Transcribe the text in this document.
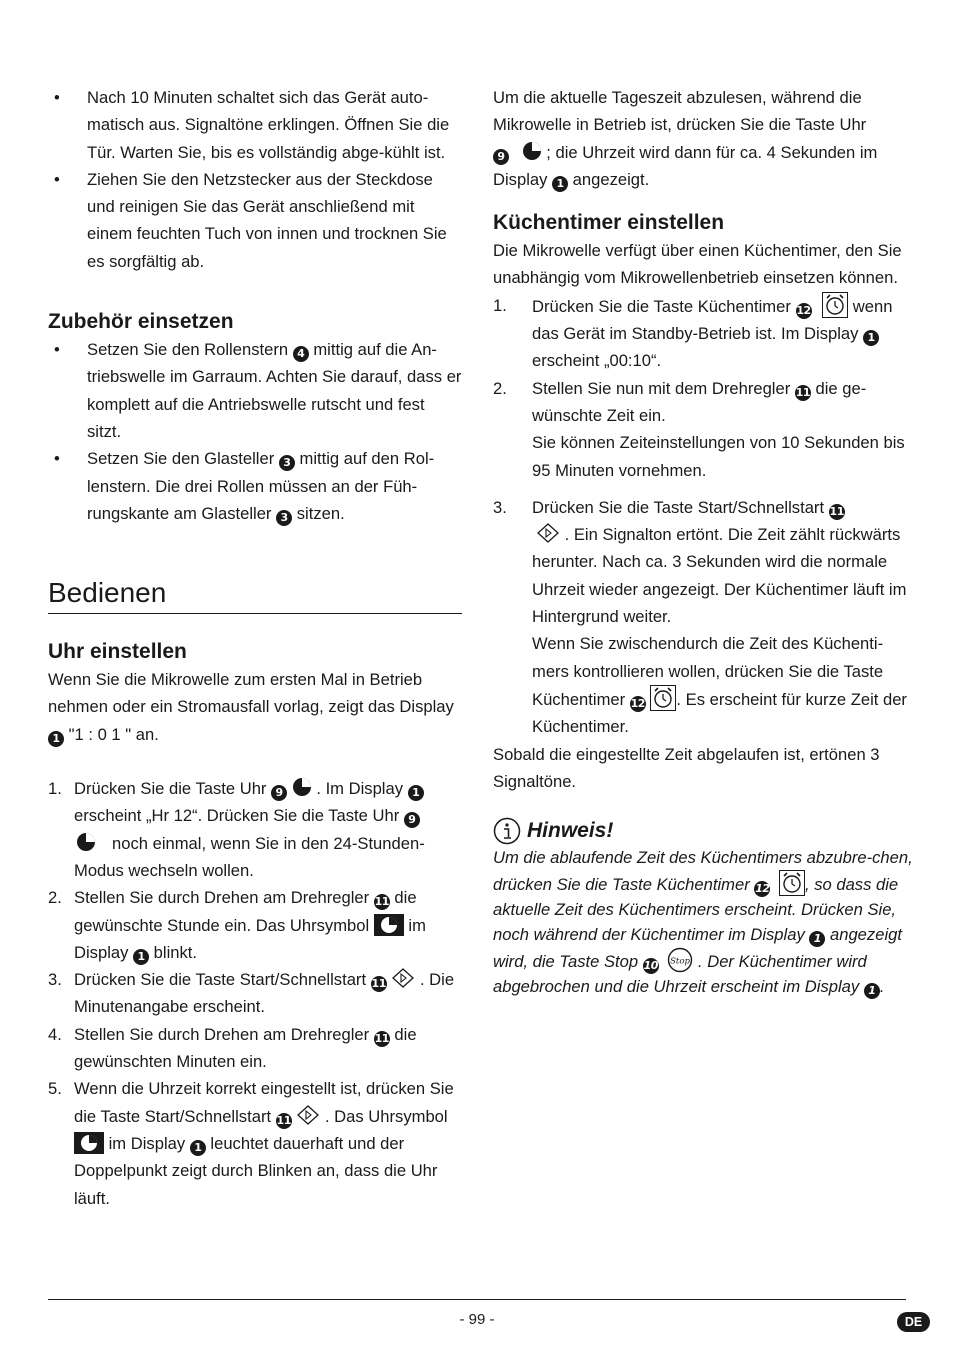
• Nach 10 Minuten schaltet sich das Gerät auto-matisch aus. Signaltöne erklingen. Öffnen Sie die Tür. Warten Sie, bis es vollständig abge-kühlt ist.
• Ziehen Sie den Netzstecker aus der Steckdose und reinigen Sie das Gerät anschließend mit einem feuchten Tuch von innen und trocknen Sie es sorgfältig ab.
Zubehör einsetzen
• Setzen Sie den Rollenstern 4 mittig auf die An-triebswelle im Garraum. Achten Sie darauf, dass er komplett auf die Antriebswelle rutscht und fest sitzt.
• Setzen Sie den Glasteller 3 mittig auf den Rol-lenstern. Die drei Rollen müssen an der Füh-rungskante am Glasteller 3 sitzen.
Bedienen
Uhr einstellen

Wenn Sie die Mikrowelle zum ersten Mal in Betrieb nehmen oder ein Stromausfall vorlag, zeigt das Display 1 "1 : 0 1 " an.

1. Drücken Sie die Taste Uhr 9 . Im Display 1 erscheint „Hr 12“. Drücken Sie die Taste Uhr 9
noch einmal, wenn Sie in den 24-Stunden-Modus wechseln wollen.
2. Stellen Sie durch Drehen am Drehregler 11 die gewünschte Stunde ein. Das Uhrsymbol im Display 1 blinkt.
3. Drücken Sie die Taste Start/Schnellstart 11 . Die Minutenangabe erscheint.
4. Stellen Sie durch Drehen am Drehregler 11 die gewünschten Minuten ein.
5. Wenn die Uhrzeit korrekt eingestellt ist, drücken Sie die Taste Start/Schnellstart 11 . Das Uhrsymbol  im Display 1 leuchtet dauerhaft und der Doppelpunkt zeigt durch Blinken an, dass die Uhr läuft.

Um die aktuelle Tageszeit abzulesen, während die Mikrowelle in Betrieb ist, drücken Sie die Taste Uhr
9	; die Uhrzeit wird dann für ca. 4 Sekunden im Display 1 angezeigt.

Küchentimer einstellen

Die Mikrowelle verfügt über einen Küchentimer, den Sie unabhängig vom Mikrowellenbetrieb einsetzen können.

1. Drücken Sie die Taste Küchentimer 12	wenn das Gerät im Standby-Betrieb ist. Im Display 1 erscheint „00:10“.
2. Stellen Sie nun mit dem Drehregler 11 die ge-wünschte Zeit ein.
Sie können Zeiteinstellungen von 10 Sekunden bis 95 Minuten vornehmen.
3. Drücken Sie die Taste Start/Schnellstart 11
. Ein Signalton ertönt. Die Zeit zählt rückwärts herunter. Nach ca. 3 Sekunden wird die normale Uhrzeit wieder angezeigt. Der Küchentimer läuft im Hintergrund weiter.
Wenn Sie zwischendurch die Zeit des Küchenti-mers kontrollieren wollen, drücken Sie die Taste Küchentimer 12 . Es erscheint für kurze Zeit der Küchentimer.

Sobald die eingestellte Zeit abgelaufen ist, ertönen 3 Signaltöne.

Hinweis!

Um die ablaufende Zeit des Küchentimers abzubre-chen, drücken Sie die Taste Küchentimer 12 , so dass die aktuelle Zeit des Küchentimers erscheint. Drücken Sie, noch während der Küchentimer im Display 1 angezeigt wird, die Taste Stop 10 Stop . Der Küchentimer wird abgebrochen und die Uhrzeit erscheint im Display 1 .

- 99 -	DE
